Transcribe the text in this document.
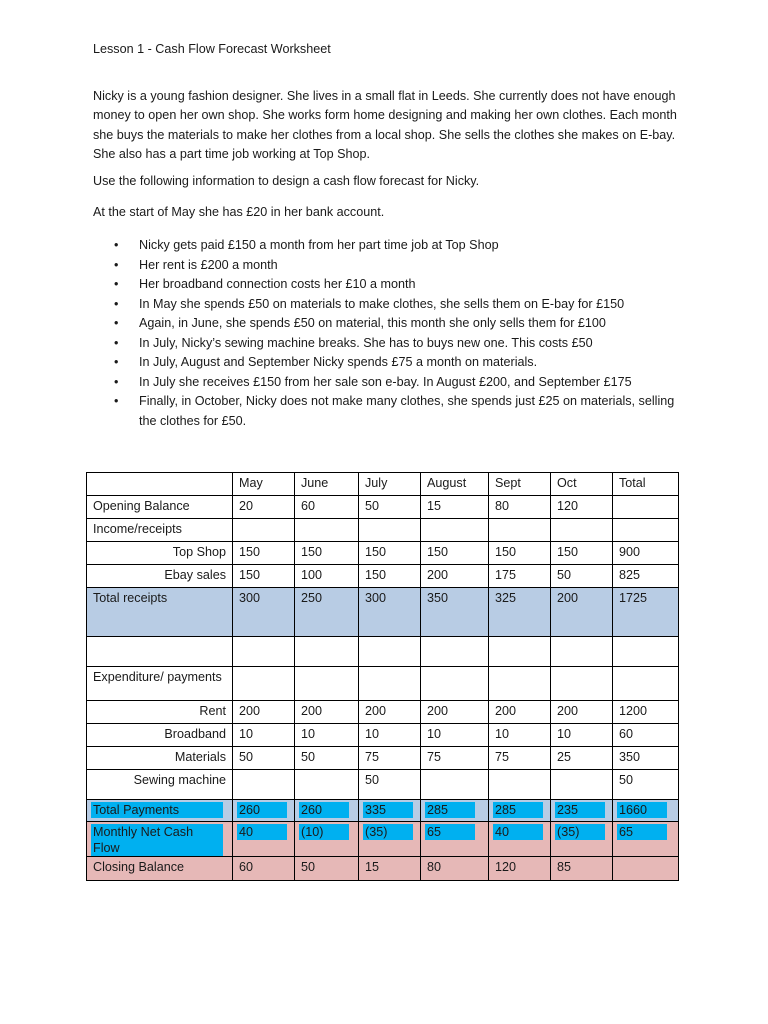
Lesson 1 - Cash Flow Forecast Worksheet
Nicky is a young fashion designer. She lives in a small flat in Leeds. She currently does not have enough money to open her own shop. She works form home designing and making her own clothes. Each month she buys the materials to make her clothes from a local shop. She sells the clothes she makes on E-bay. She also has a part time job working at Top Shop.
Use the following information to design a cash flow forecast for Nicky.
At the start of May she has £20 in her bank account.
• Nicky gets paid £150 a month from her part time job at Top Shop
• Her rent is £200 a month
• Her broadband connection costs her £10 a month
• In May she spends £50 on materials to make clothes, she sells them on E-bay for £150
• Again, in June, she spends £50 on material, this month she only sells them for £100
• In July, Nicky’s sewing machine breaks. She has to buys new one. This costs £50
• In July, August and September Nicky spends £75 a month on materials.
• In July she receives £150 from her sale son e-bay. In August £200, and September £175
• Finally, in October, Nicky does not make many clothes, she spends just £25 on materials, selling the clothes for £50.
	May	June	July	August	Sept	Oct	Total
Opening Balance	20	60	50	15	80	120	
Income/receipts							
Top Shop	150	150	150	150	150	150	900
Ebay sales	150	100	150	200	175	50	825
Total receipts	300	250	300	350	325	200	1725

Expenditure/ payments							
Rent	200	200	200	200	200	200	1200
Broadband	10	10	10	10	10	10	60
Materials	50	50	75	75	75	25	350
Sewing machine			50				50
Total Payments	260	260	335	285	285	235	1660
Monthly Net Cash Flow	40	(10)	(35)	65	40	(35)	65
Closing Balance	60	50	15	80	120	85	
